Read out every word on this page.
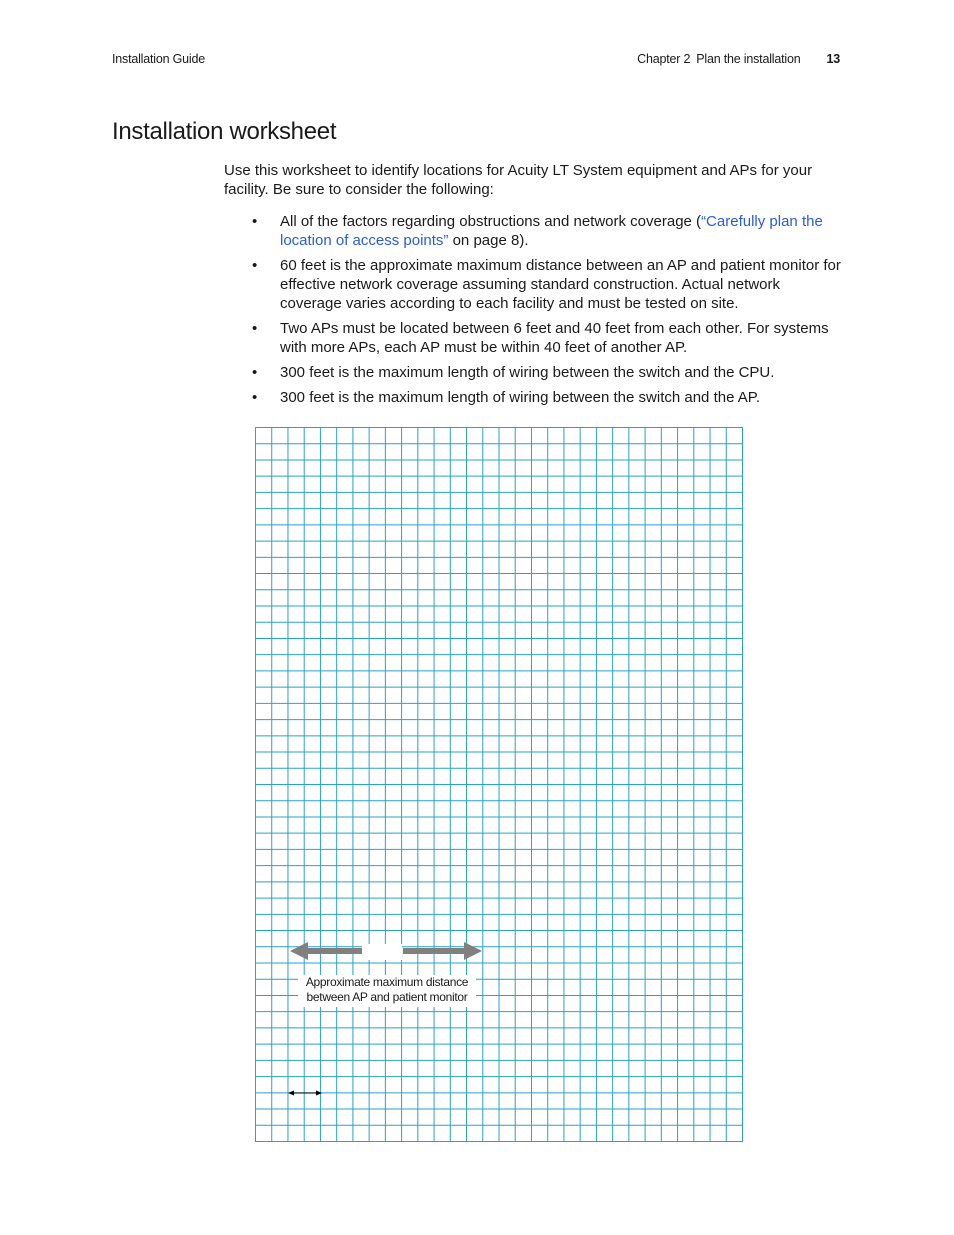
Installation Guide	Chapter 2 Plan the installation 13
Installation worksheet

Use this worksheet to identify locations for Acuity LT System equipment and APs for your facility. Be sure to consider the following:

• All of the factors regarding obstructions and network coverage (“Carefully plan the location of access points” on page 8).
• 60 feet is the approximate maximum distance between an AP and patient monitor for effective network coverage assuming standard construction. Actual network coverage varies according to each facility and must be tested on site.
• Two APs must be located between 6 feet and 40 feet from each other. For systems with more APs, each AP must be within 40 feet of another AP.
• 300 feet is the maximum length of wiring between the switch and the CPU.
• 300 feet is the maximum length of wiring between the switch and the AP.
Approximate maximum distance
between AP and patient monitor
